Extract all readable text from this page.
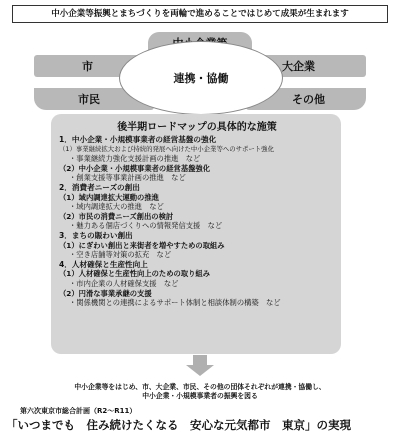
中小企業等振興とまちづくりを両輪で進めることではじめて成果が生まれます
市	大企業
市民	その他
連携・協働
後半期ロードマップの具体的な施策
1．中小企業・小規模事業者の経営基盤の強化
（1）事業継続拡大および持続的発展へ向けた中小企業等へのサポート強化
・事業継続力強化支援計画の推進　など
（2）中小企業・小規模事業者の経営基盤強化
・創業支援等事業計画の推進　など
2．消費者ニーズの創出
（1）域内調達拡大運動の推進
・域内調達拡大の推進　など
（2）市民の消費ニーズ創出の検討
・魅力ある個店づくりへの情報発信支援　など
3．まちの賑わい創出
（1）にぎわい創出と来街者を増やすための取組み
・空き店舗等対策の拡充　など
4．人材確保と生産性向上
（1）人材確保と生産性向上のための取り組み
・市内企業の人材確保支援　など
（2）円滑な事業承継の支援
・関係機関との連携によるサポート体制と相談体制の構築　など
中小企業等をはじめ、市、大企業、市民、その他の団体それぞれが連携・協働し、
中小企業・小規模事業者の振興を図る
第六次東京市総合計画（R2～R11）
「いつまでも　住み続けたくなる　安心な元気都市　東京」の実現
